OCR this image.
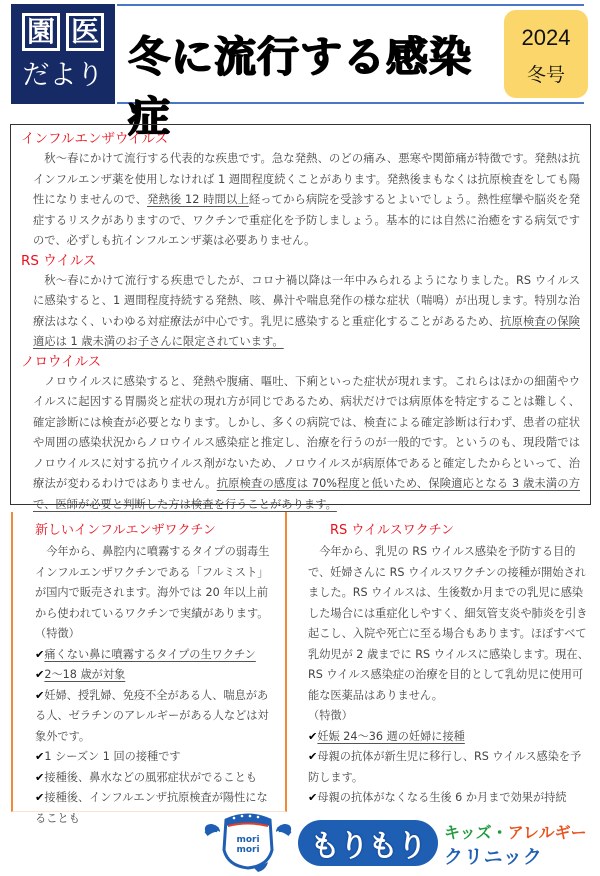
園 医
だより 冬に流行する感染症
2024
冬号
インフルエンザウイルス

秋〜春にかけて流行する代表的な疾患です。急な発熱、のどの痛み、悪寒や関節痛が特徴です。発熱は抗インフルエンザ薬を使用しなければ 1 週間程度続くことがあります。発熱後まもなくは抗原検査をしても陽性になりませんので、発熱後 12 時間以上経ってから病院を受診するとよいでしょう。熱性痙攣や脳炎を発症するリスクがありますので、ワクチンで重症化を予防しましょう。基本的には自然に治癒をする病気ですので、必ずしも抗インフルエンザ薬は必要ありません。

RS ウイルス

秋〜春にかけて流行する疾患でしたが、コロナ禍以降は一年中みられるようになりました。RS ウイルスに感染すると、1 週間程度持続する発熱、咳、鼻汁や喘息発作の様な症状（喘鳴）が出現します。特別な治療法はなく、いわゆる対症療法が中心です。乳児に感染すると重症化することがあるため、抗原検査の保険適応は 1 歳未満のお子さんに限定されています。

ノロウイルス

ノロウイルスに感染すると、発熱や腹痛、嘔吐、下痢といった症状が現れます。これらはほかの細菌やウイルスに起因する胃腸炎と症状の現れ方が同じであるため、病状だけでは病原体を特定することは難しく、確定診断には検査が必要となります。しかし、多くの病院では、検査による確定診断は行わず、患者の症状や周囲の感染状況からノロウイルス感染症と推定し、治療を行うのが一般的です。というのも、現段階ではノロウイルスに対する抗ウイルス剤がないため、ノロウイルスが病原体であると確定したからといって、治療法が変わるわけではありません。抗原検査の感度は 70%程度と低いため、保険適応となる 3 歳未満の方で、医師が必要と判断した方は検査を行うことがあります。

新しいインフルエンザワクチン

今年から、鼻腔内に噴霧するタイプの弱毒生インフルエンザワクチンである「フルミスト」が国内で販売されます。海外では 20 年以上前から使われているワクチンで実績があります。

（特徴）
✔痛くない鼻に噴霧するタイプの生ワクチン
✔2〜18 歳が対象
✔妊婦、授乳婦、免疫不全がある人、喘息がある人、ゼラチンのアレルギーがある人などは対象外です。
✔1 シーズン 1 回の接種です
✔接種後、鼻水などの風邪症状がでることも
✔接種後、インフルエンザ抗原検査が陽性になることも
RS ウイルスワクチン

今年から、乳児の RS ウイルス感染を予防する目的で、妊婦さんに RS ウイルスワクチンの接種が開始されました。RS ウイルスは、生後数か月までの乳児に感染した場合には重症化しやすく、細気管支炎や肺炎を引き起こし、入院や死亡に至る場合もあります。ほぼすべて乳幼児が 2 歳までに RS ウイルスに感染します。現在、RS ウイルス感染症の治療を目的として乳幼児に使用可能な医薬品はありません。

（特徴）
✔妊娠 24〜36 週の妊婦に接種
✔母親の抗体が新生児に移行し、RS ウイルス感染を予防します。
✔母親の抗体がなくなる生後 6 か月まで効果が持続
mori
mori もりもり キッズ・アレルギー
クリニック
